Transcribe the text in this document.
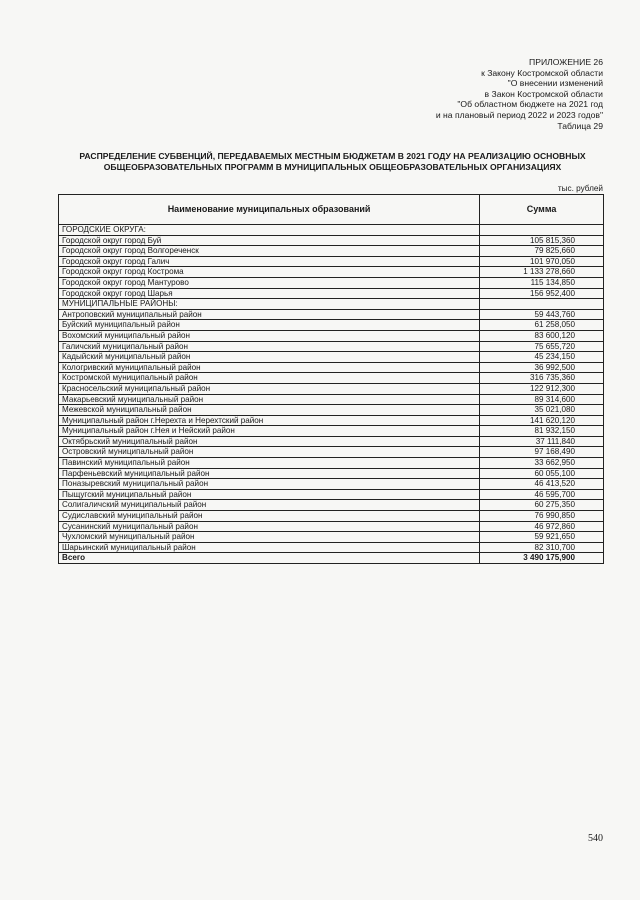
ПРИЛОЖЕНИЕ 26
к Закону Костромской области
"О внесении изменений
в Закон Костромской области
"Об областном бюджете на 2021 год
и на плановый период 2022 и 2023 годов"
Таблица 29
РАСПРЕДЕЛЕНИЕ СУБВЕНЦИЙ, ПЕРЕДАВАЕМЫХ МЕСТНЫМ БЮДЖЕТАМ В 2021 ГОДУ НА РЕАЛИЗАЦИЮ ОСНОВНЫХ ОБЩЕОБРАЗОВАТЕЛЬНЫХ ПРОГРАММ В МУНИЦИПАЛЬНЫХ ОБЩЕОБРАЗОВАТЕЛЬНЫХ ОРГАНИЗАЦИЯХ
тыс. рублей
Наименование муниципальных образований	Сумма
ГОРОДСКИЕ ОКРУГА:	
Городской округ город Буй	105 815,360
Городской округ город Волгореченск	79 825,660
Городской округ город Галич	101 970,050
Городской округ город Кострома	1 133 278,660
Городской округ город Мантурово	115 134,850
Городской округ город Шарья	156 952,400
МУНИЦИПАЛЬНЫЕ РАЙОНЫ:	
Антроповский муниципальный район	59 443,760
Буйский муниципальный район	61 258,050
Вохомский муниципальный район	83 600,120
Галичский муниципальный район	75 655,720
Кадыйский муниципальный район	45 234,150
Кологривский муниципальный район	36 992,500
Костромской муниципальный район	316 735,360
Красносельский муниципальный район	122 912,300
Макарьевский муниципальный район	89 314,600
Межевской муниципальный район	35 021,080
Муниципальный район г.Нерехта и Нерехтский район	141 620,120
Муниципальный район г.Нея и Нейский район	81 932,150
Октябрьский муниципальный район	37 111,840
Островский муниципальный район	97 168,490
Павинский муниципальный район	33 662,950
Парфеньевский муниципальный район	60 055,100
Поназыревский муниципальный район	46 413,520
Пыщугский муниципальный район	46 595,700
Солигаличский муниципальный район	60 275,350
Судиславский муниципальный район	76 990,850
Сусанинский муниципальный район	46 972,860
Чухломский муниципальный район	59 921,650
Шарьинский муниципальный район	82 310,700
Всего	3 490 175,900
540
